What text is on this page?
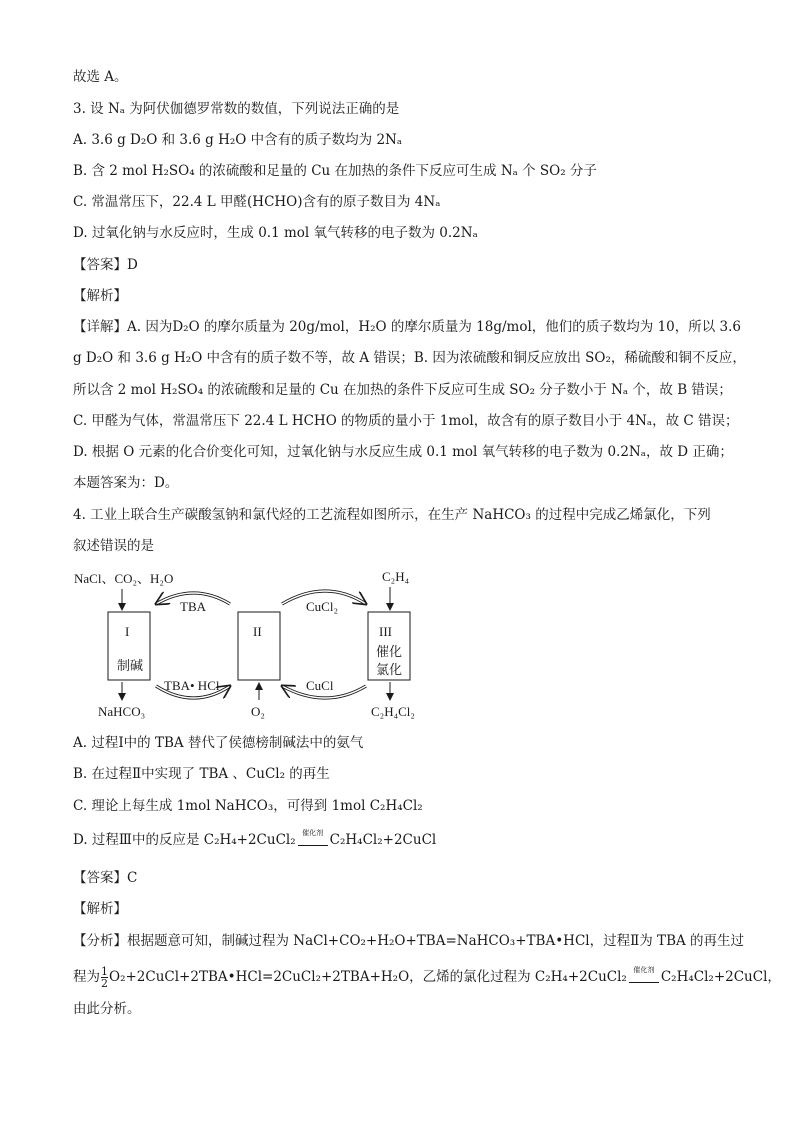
故选 A。
3. 设 Nₐ 为阿伏伽德罗常数的数值，下列说法正确的是
A. 3.6 g D₂O 和 3.6 g H₂O 中含有的质子数均为 2Nₐ
B. 含 2 mol H₂SO₄ 的浓硫酸和足量的 Cu 在加热的条件下反应可生成 Nₐ 个 SO₂ 分子
C. 常温常压下，22.4 L 甲醛(HCHO)含有的原子数目为 4Nₐ
D. 过氧化钠与水反应时，生成 0.1 mol 氧气转移的电子数为 0.2Nₐ
【答案】D
【解析】
【详解】A. 因为D₂O 的摩尔质量为 20g/mol，H₂O 的摩尔质量为 18g/mol，他们的质子数均为 10，所以 3.6
g D₂O 和 3.6 g H₂O 中含有的质子数不等，故 A 错误；B. 因为浓硫酸和铜反应放出 SO₂，稀硫酸和铜不反应，
所以含 2 mol H₂SO₄ 的浓硫酸和足量的 Cu 在加热的条件下反应可生成 SO₂ 分子数小于 Nₐ 个，故 B 错误；
C. 甲醛为气体，常温常压下 22.4 L HCHO 的物质的量小于 1mol，故含有的原子数目小于 4Nₐ，故 C 错误；
D. 根据 O 元素的化合价变化可知，过氧化钠与水反应生成 0.1 mol 氧气转移的电子数为 0.2Nₐ，故 D 正确；
本题答案为：D。
4. 工业上联合生产碳酸氢钠和氯代烃的工艺流程如图所示，在生产 NaHCO₃ 的过程中完成乙烯氯化，下列
叙述错误的是
NaCl、CO₂、H₂O	C₂H₄
I
制碱
II	III
催化
氯化
TBA	CuCl₂
TBA• HCl	CuCl
NaHCO₃	O₂	C₂H₄Cl₂
A. 过程Ⅰ中的 TBA 替代了侯德榜制碱法中的氨气
B. 在过程Ⅱ中实现了 TBA 、CuCl₂ 的再生
C. 理论上每生成 1mol NaHCO₃，可得到 1mol C₂H₄Cl₂
D. 过程Ⅲ中的反应是 C₂H₄+2CuCl₂ 催化剂 C₂H₄Cl₂+2CuCl
【答案】C
【解析】
【分析】根据题意可知，制碱过程为 NaCl+CO₂+H₂O+TBA=NaHCO₃+TBA•HCl，过程Ⅱ为 TBA 的再生过
程为 $\frac{1}{2}$ O₂+2CuCl+2TBA•HCl=2CuCl₂+2TBA+H₂O，乙烯的氯化过程为 C₂H₄+2CuCl₂ 催化剂 C₂H₄Cl₂+2CuCl，
由此分析。
